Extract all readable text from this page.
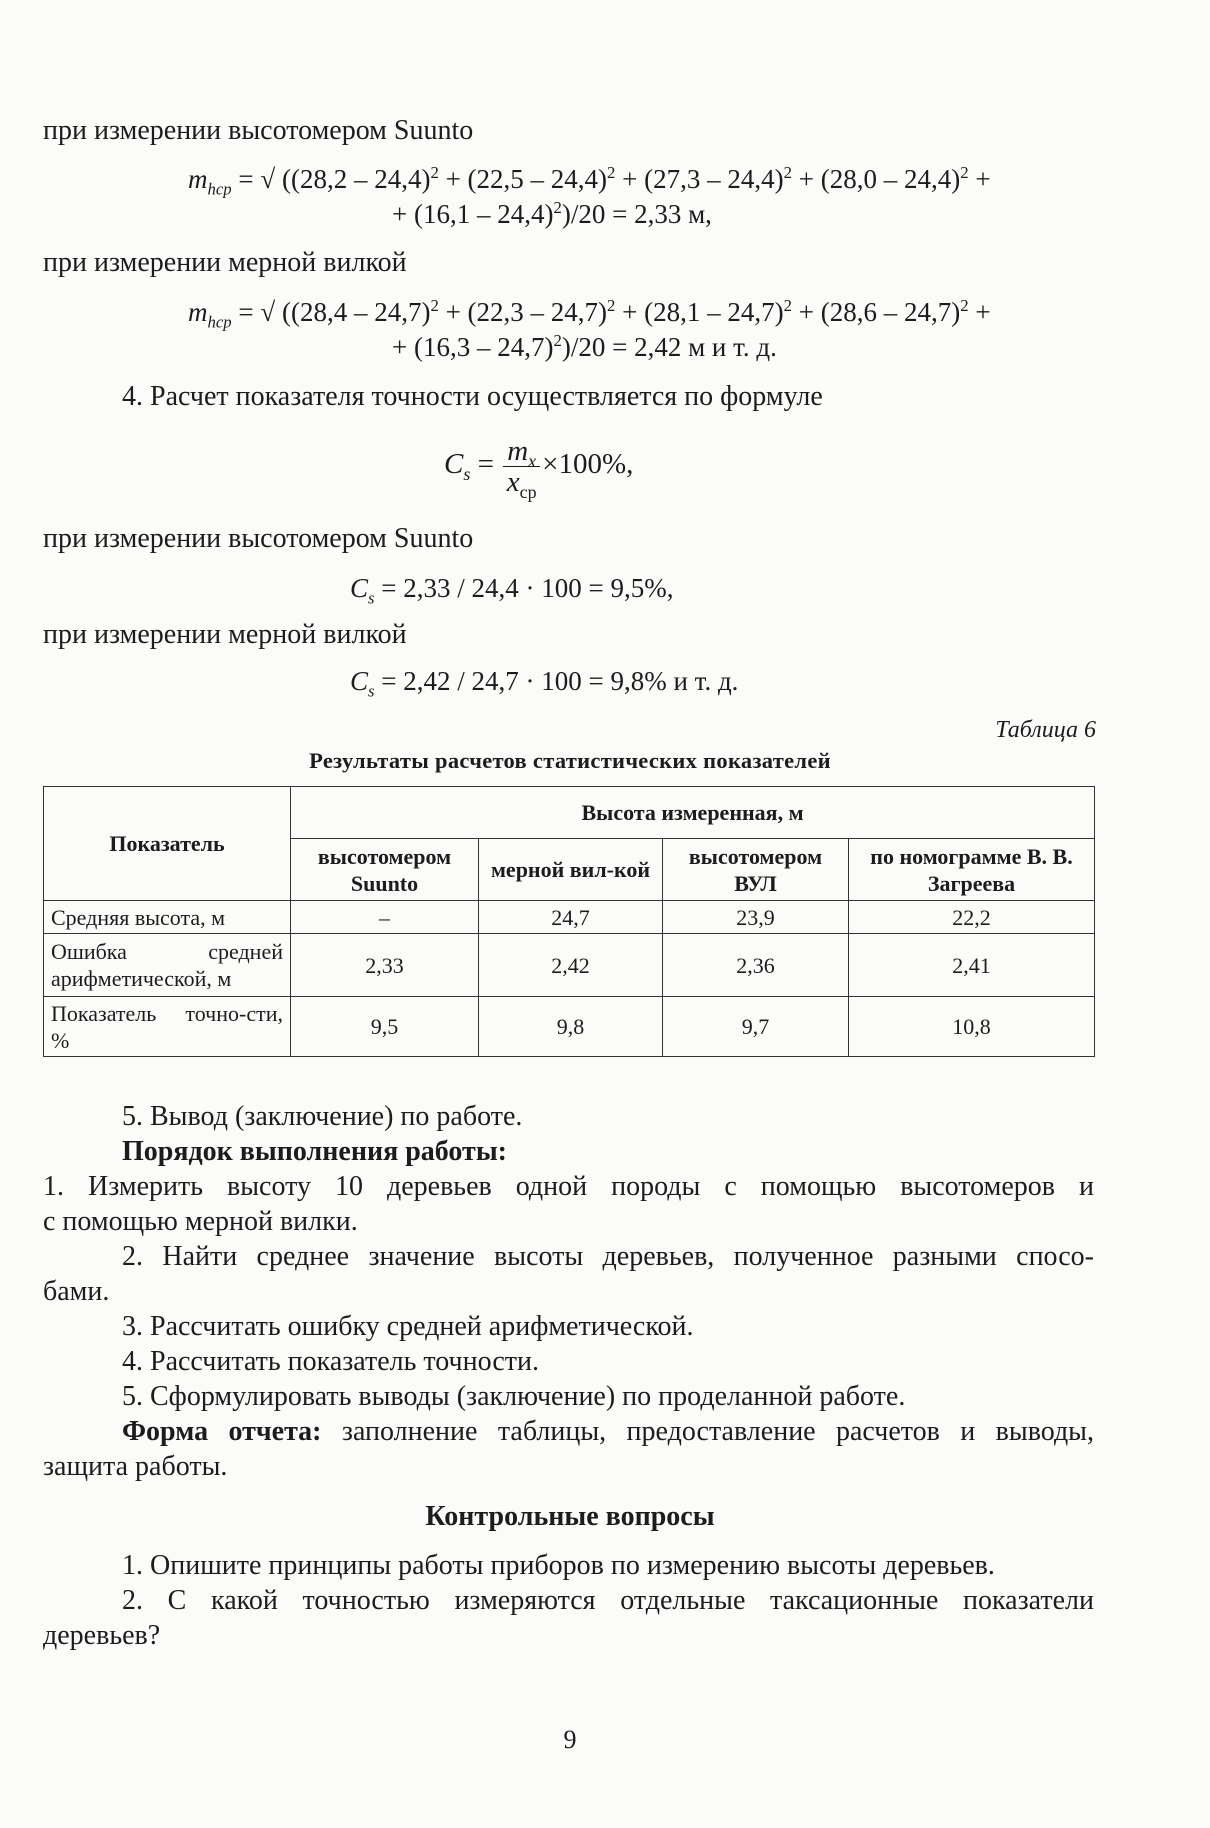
при измерении высотомером Suunto
$m_{hср}$ = √ ((28,2 – 24,4)$^2$ + (22,5 – 24,4)$^2$ + (27,3 – 24,4)$^2$ + (28,0 – 24,4)$^2$ +
+ (16,1 – 24,4)$^2$)/20 = 2,33 м,
при измерении мерной вилкой
$m_{hср}$ = √ ((28,4 – 24,7)$^2$ + (22,3 – 24,7)$^2$ + (28,1 – 24,7)$^2$ + (28,6 – 24,7)$^2$ +
+ (16,3 – 24,7)$^2$)/20 = 2,42 м и т. д.
4. Расчет показателя точности осуществляется по формуле
$C_s = \frac{m_x}{x_{ср}} \times 100\%$,
при измерении высотомером Suunto
$C_s = 2,33 / 24,4 \cdot 100 = 9,5\%$,
при измерении мерной вилкой
$C_s = 2,42 / 24,7 \cdot 100 = 9,8\%$ и т. д.
Таблица 6
Результаты расчетов статистических показателей
Показатель	Высота измеренная, м			
	высотомером Suunto	мерной вил-кой	высотомером ВУЛ	по номограмме В. В. Загреева
Средняя высота, м	–	24,7	23,9	22,2
Ошибка средней арифметической, м	2,33	2,42	2,36	2,41
Показатель точно-сти, %	9,5	9,8	9,7	10,8
5. Вывод (заключение) по работе.
Порядок выполнения работы:
1. Измерить высоту 10 деревьев одной породы с помощью высотомеров и
с помощью мерной вилки.
2. Найти среднее значение высоты деревьев, полученное разными спосо-
бами.
3. Рассчитать ошибку средней арифметической.
4. Рассчитать показатель точности.
5. Сформулировать выводы (заключение) по проделанной работе.
Форма отчета: заполнение таблицы, предоставление расчетов и выводы,
защита работы.
Контрольные вопросы
1. Опишите принципы работы приборов по измерению высоты деревьев.
2. С какой точностью измеряются отдельные таксационные показатели
деревьев?
9
